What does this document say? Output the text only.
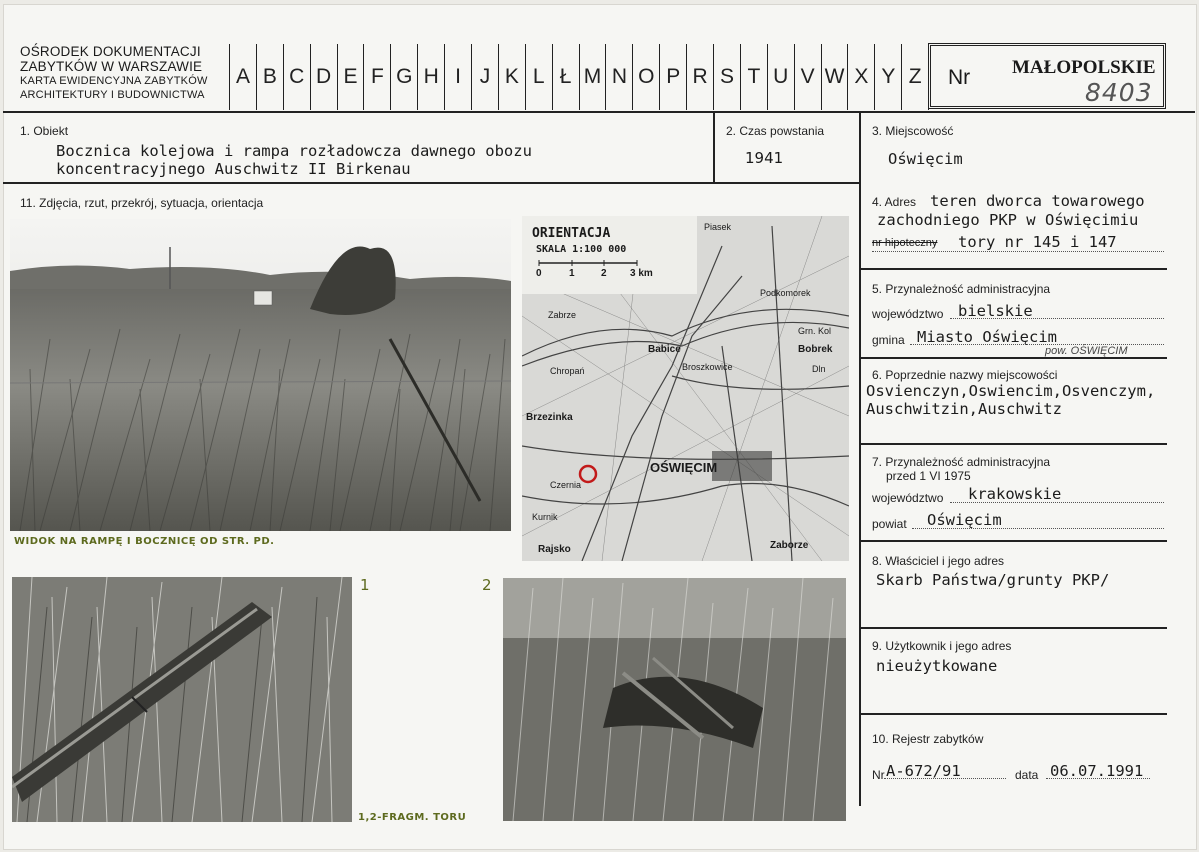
OŚRODEK DOKUMENTACJI
ZABYTKÓW W WARSZAWIE
KARTA EWIDENCYJNA ZABYTKÓW
ARCHITEKTURY I BUDOWNICTWA
A B C D E F G H I J K L Ł M N O P R S T U V W X Y Z	Nr MAŁOPOLSKIE
8403
1. Obiekt
Bocznica kolejowa i rampa rozładowcza dawnego obozu
koncentracyjnego Auschwitz II Birkenau
2. Czas powstania
1941
3. Miejscowość
Oświęcim
4. Adres teren dworca towarowego
zachodniego PKP w Oświęcimiu
nr hipoteczny tory nr 145 i 147
5. Przynależność administracyjna
województwo bielskie
gmina Miasto Oświęcim
pow. OŚWIĘCIM
6. Poprzednie nazwy miejscowości
Osvienczyn,Oswiencim,Osvenczym,
Auschwitzin,Auschwitz
7. Przynależność administracyjna
przed 1 VI 1975
województwo krakowskie
powiat Oświęcim
8. Właściciel i jego adres
Skarb Państwa/grunty PKP/
9. Użytkownik i jego adres
nieużytkowane
10. Rejestr zabytków
Nr A-672/91	data 06.07.1991
11. Zdjęcia, rzut, przekrój, sytuacja, orientacja
WIDOK NA RAMPĘ I BOCZNICĘ OD STR. PD.
ORIENTACJA
SKALA 1:100 000
0	1	2 3 km
Piasek
Podkomorek
Zabrze
Babice
Grn. Kol
Bobrek
Chropań	Broszkowice
Brzezinka
OŚWIĘCIM
Czernia
Kurnik
Rajsko	Zaborze
Dln
1	2
1,2-FRAGM. TORU
